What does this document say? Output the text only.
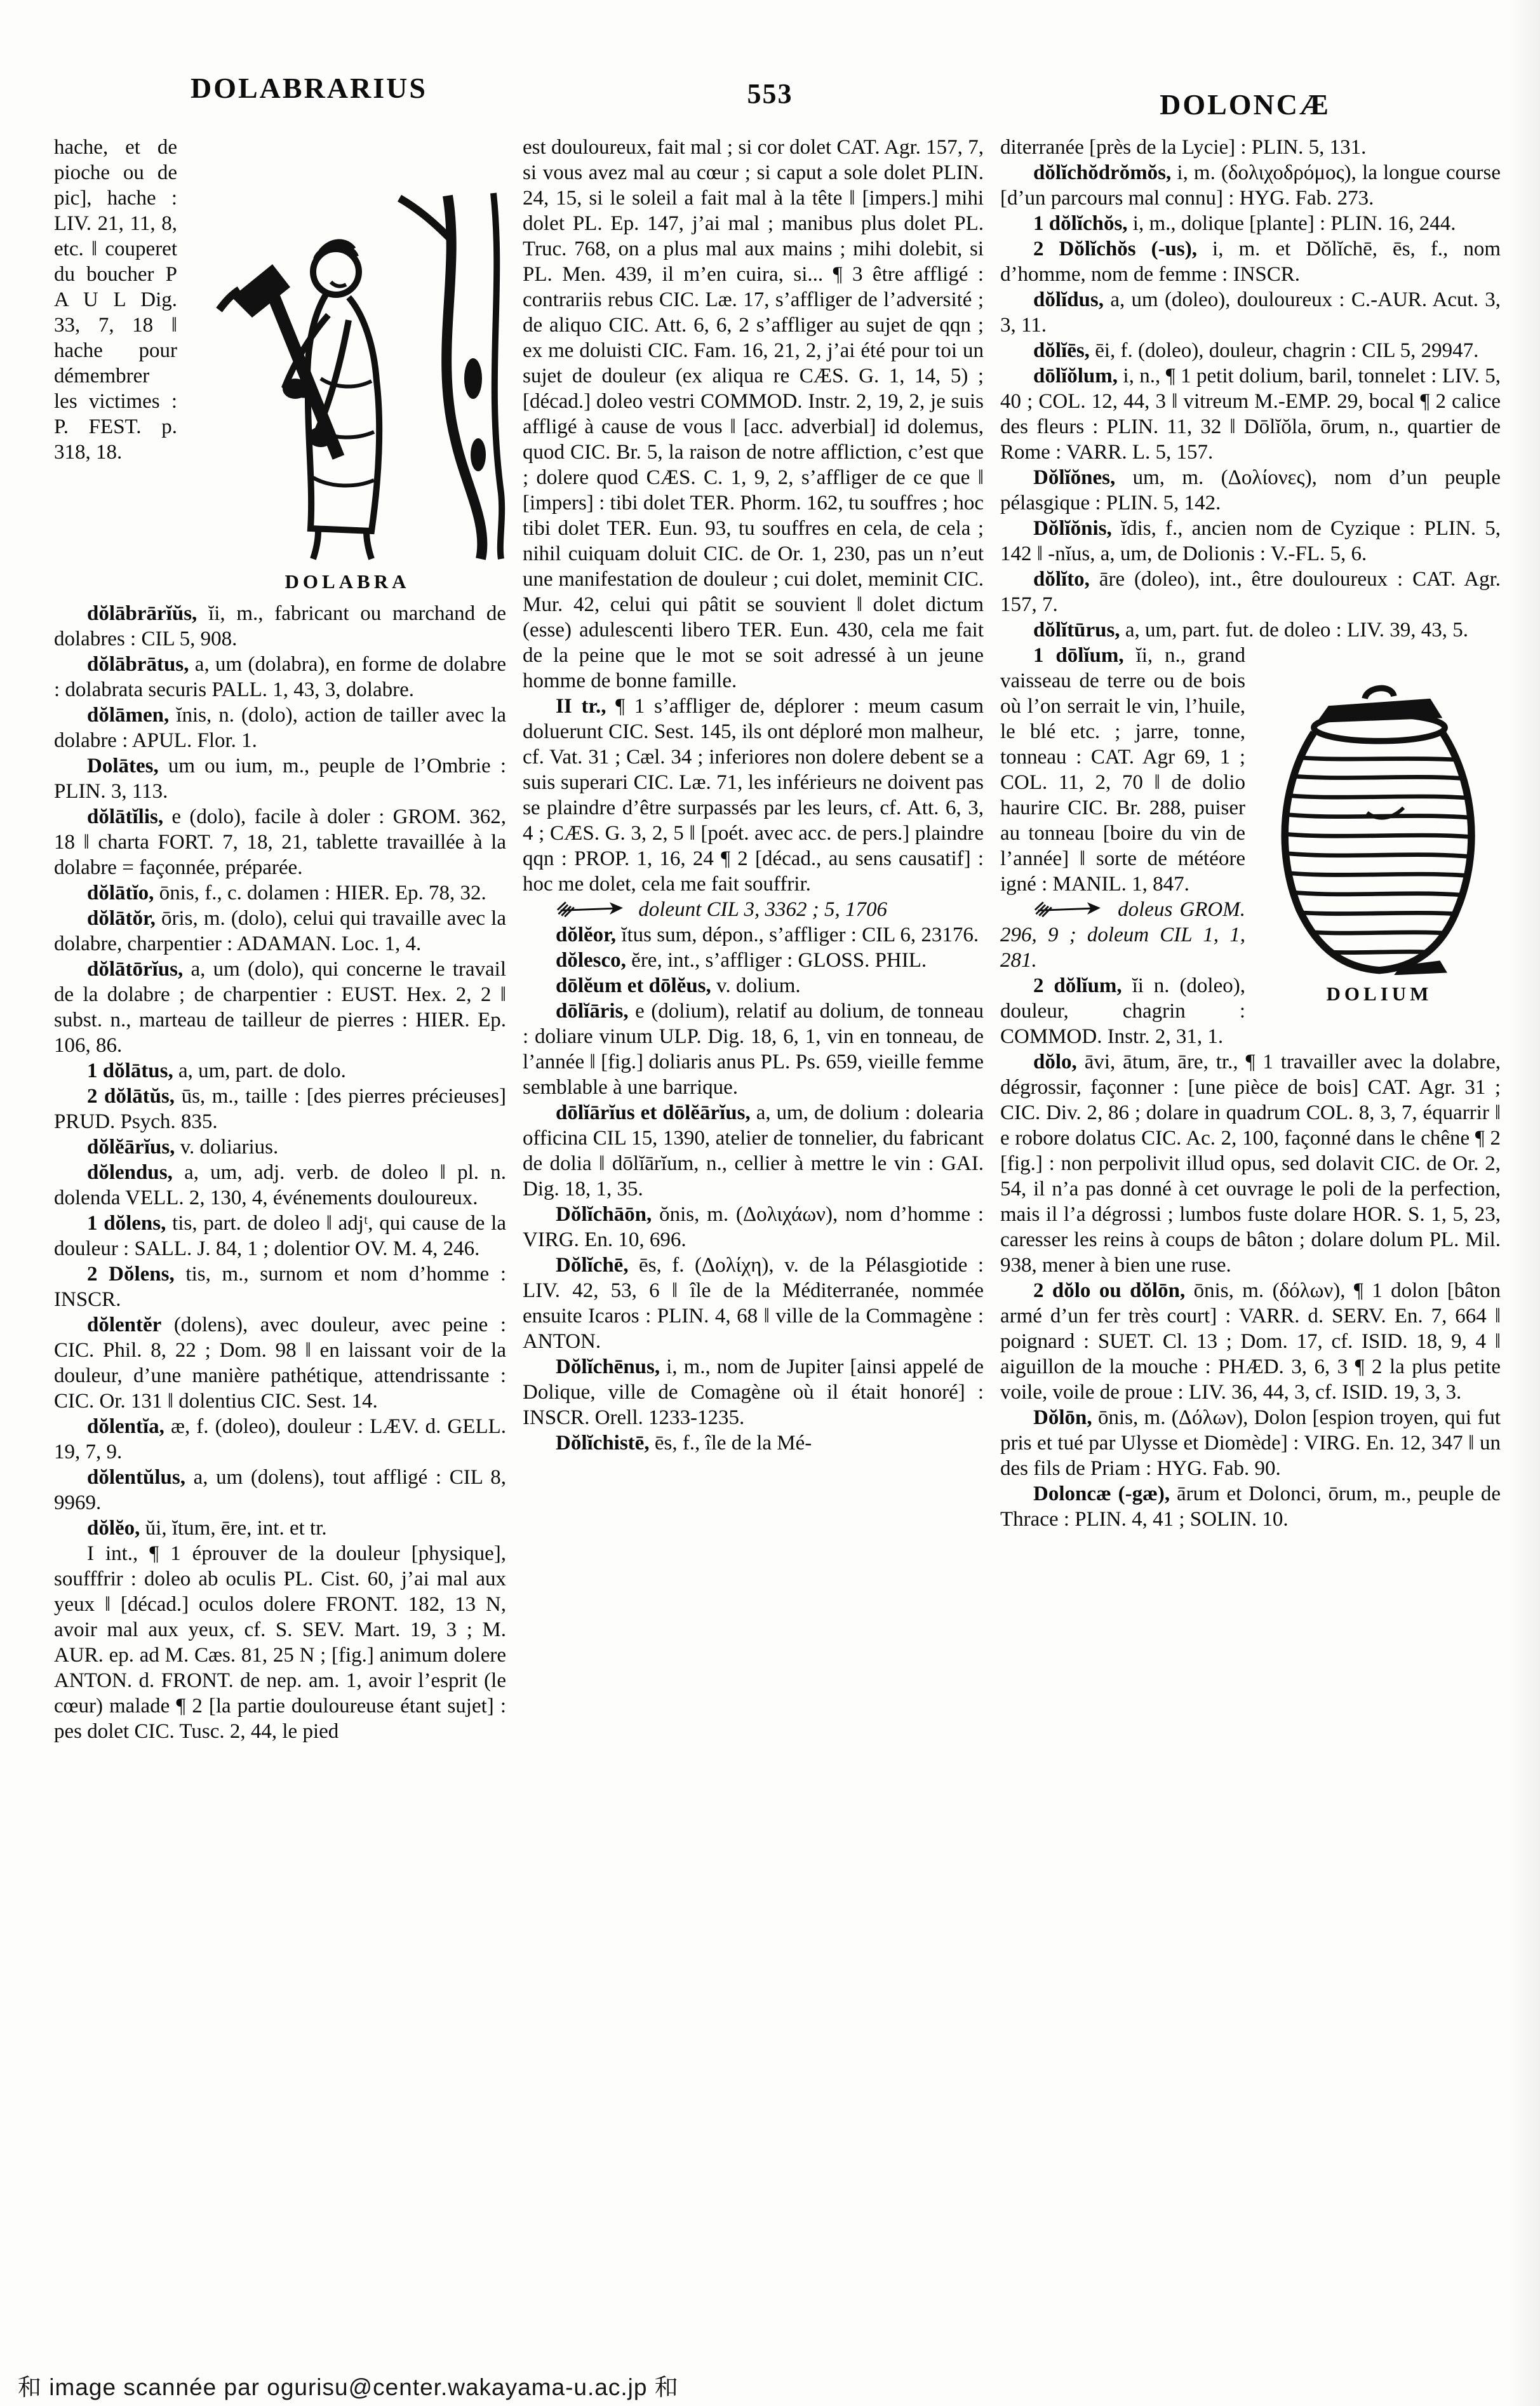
DOLABRARIUS	553	DOLONCÆ

DOLABRA
hache, et de pioche ou de pic], hache : LIV. 21, 11, 8, etc. ‖ couperet du boucher P A U L Dig. 33, 7, 18 ‖ hache pour démembrer les victimes : P. FEST. p. 318, 18.

dŏlābrārĭŭs, ĭi, m., fabricant ou marchand de dolabres : CIL 5, 908.

dŏlābrātus, a, um (dolabra), en forme de dolabre : dolabrata securis PALL. 1, 43, 3, dolabre.

dŏlāmen, ĭnis, n. (dolo), action de tailler avec la dolabre : APUL. Flor. 1.

Dolātes, um ou ium, m., peuple de l’Ombrie : PLIN. 3, 113.

dŏlātĭlis, e (dolo), facile à doler : GROM. 362, 18 ‖ charta FORT. 7, 18, 21, tablette travaillée à la dolabre = façonnée, préparée.

dŏlātĭo, ōnis, f., c. dolamen : HIER. Ep. 78, 32.

dŏlātŏr, ōris, m. (dolo), celui qui travaille avec la dolabre, charpentier : ADAMAN. Loc. 1, 4.

dŏlātōrĭus, a, um (dolo), qui concerne le travail de la dolabre ; de charpentier : EUST. Hex. 2, 2 ‖ subst. n., marteau de tailleur de pierres : HIER. Ep. 106, 86.

1 dŏlātus, a, um, part. de dolo.

2 dŏlātŭs, ūs, m., taille : [des pierres précieuses] PRUD. Psych. 835.

dŏlĕārĭus, v. doliarius.

dŏlendus, a, um, adj. verb. de doleo ‖ pl. n. dolenda VELL. 2, 130, 4, événements douloureux.

1 dŏlens, tis, part. de doleo ‖ adjᵗ, qui cause de la douleur : SALL. J. 84, 1 ; dolentior OV. M. 4, 246.

2 Dŏlens, tis, m., surnom et nom d’homme : INSCR.

dŏlentĕr (dolens), avec douleur, avec peine : CIC. Phil. 8, 22 ; Dom. 98 ‖ en laissant voir de la douleur, d’une manière pathétique, attendrissante : CIC. Or. 131 ‖ dolentius CIC. Sest. 14.

dŏlentĭa, æ, f. (doleo), douleur : LÆV. d. GELL. 19, 7, 9.

dŏlentŭlus, a, um (dolens), tout affligé : CIL 8, 9969.

dŏlĕo, ŭi, ĭtum, ēre, int. et tr.

I int., ¶ 1 éprouver de la douleur [physique], soufffrir : doleo ab oculis PL. Cist. 60, j’ai mal aux yeux ‖ [décad.] oculos dolere FRONT. 182, 13 N, avoir mal aux yeux, cf. S. SEV. Mart. 19, 3 ; M. AUR. ep. ad M. Cæs. 81, 25 N ; [fig.] animum dolere ANTON. d. FRONT. de nep. am. 1, avoir l’esprit (le cœur) malade ¶ 2 [la partie douloureuse étant sujet] : pes dolet CIC. Tusc. 2, 44, le pied

est douloureux, fait mal ; si cor dolet CAT. Agr. 157, 7, si vous avez mal au cœur ; si caput a sole dolet PLIN. 24, 15, si le soleil a fait mal à la tête ‖ [impers.] mihi dolet PL. Ep. 147, j’ai mal ; manibus plus dolet PL. Truc. 768, on a plus mal aux mains ; mihi dolebit, si PL. Men. 439, il m’en cuira, si... ¶ 3 être affligé : contrariis rebus CIC. Læ. 17, s’affliger de l’adversité ; de aliquo CIC. Att. 6, 6, 2 s’affliger au sujet de qqn ; ex me doluisti CIC. Fam. 16, 21, 2, j’ai été pour toi un sujet de douleur (ex aliqua re CÆS. G. 1, 14, 5) ; [décad.] doleo vestri COMMOD. Instr. 2, 19, 2, je suis affligé à cause de vous ‖ [acc. adverbial] id dolemus, quod CIC. Br. 5, la raison de notre affliction, c’est que ; dolere quod CÆS. C. 1, 9, 2, s’affliger de ce que ‖ [impers] : tibi dolet TER. Phorm. 162, tu souffres ; hoc tibi dolet TER. Eun. 93, tu souffres en cela, de cela ; nihil cuiquam doluit CIC. de Or. 1, 230, pas un n’eut une manifestation de douleur ; cui dolet, meminit CIC. Mur. 42, celui qui pâtit se souvient ‖ dolet dictum (esse) adulescenti libero TER. Eun. 430, cela me fait de la peine que le mot se soit adressé à un jeune homme de bonne famille.

II tr., ¶ 1 s’affliger de, déplorer : meum casum doluerunt CIC. Sest. 145, ils ont déploré mon malheur, cf. Vat. 31 ; Cæl. 34 ; inferiores non dolere debent se a suis superari CIC. Læ. 71, les inférieurs ne doivent pas se plaindre d’être surpassés par les leurs, cf. Att. 6, 3, 4 ; CÆS. G. 3, 2, 5 ‖ [poét. avec acc. de pers.] plaindre qqn : PROP. 1, 16, 24 ¶ 2 [décad., au sens causatif] : hoc me dolet, cela me fait souffrir.

doleunt CIL 3, 3362 ; 5, 1706

dŏlĕor, ĭtus sum, dépon., s’affliger : CIL 6, 23176.

dŏlesco, ĕre, int., s’affliger : GLOSS. PHIL.

dōlĕum et dōlĕus, v. dolium.

dōlĭāris, e (dolium), relatif au dolium, de tonneau : doliare vinum ULP. Dig. 18, 6, 1, vin en tonneau, de l’année ‖ [fig.] doliaris anus PL. Ps. 659, vieille femme semblable à une barrique.

dōlĭārĭus et dōlĕārĭus, a, um, de dolium : dolearia officina CIL 15, 1390, atelier de tonnelier, du fabricant de dolia ‖ dōlĭārĭum, n., cellier à mettre le vin : GAI. Dig. 18, 1, 35.

Dŏlĭchāōn, ŏnis, m. (Δολιχάων), nom d’homme : VIRG. En. 10, 696.

Dŏlĭchē, ēs, f. (Δολίχη), v. de la Pélasgiotide : LIV. 42, 53, 6 ‖ île de la Méditerranée, nommée ensuite Icaros : PLIN. 4, 68 ‖ ville de la Commagène : ANTON.

Dŏlĭchēnus, i, m., nom de Jupiter [ainsi appelé de Dolique, ville de Comagène où il était honoré] : INSCR. Orell. 1233-1235.

Dŏlĭchistē, ēs, f., île de la Mé-

diterranée [près de la Lycie] : PLIN. 5, 131.

dŏlĭchŏdrŏmŏs, i, m. (δολιχοδρόμος), la longue course [d’un parcours mal connu] : HYG. Fab. 273.

1 dŏlĭchŏs, i, m., dolique [plante] : PLIN. 16, 244.

2 Dŏlĭchŏs (-us), i, m. et Dŏlĭchē, ēs, f., nom d’homme, nom de femme : INSCR.

dŏlĭdus, a, um (doleo), douloureux : C.-AUR. Acut. 3, 3, 11.

dŏlĭēs, ēi, f. (doleo), douleur, chagrin : CIL 5, 29947.

dōlĭŏlum, i, n., ¶ 1 petit dolium, baril, tonnelet : LIV. 5, 40 ; COL. 12, 44, 3 ‖ vitreum M.-EMP. 29, bocal ¶ 2 calice des fleurs : PLIN. 11, 32 ‖ Dōlĭŏla, ōrum, n., quartier de Rome : VARR. L. 5, 157.

Dŏlĭŏnes, um, m. (Δολίονες), nom d’un peuple pélasgique : PLIN. 5, 142.

Dŏlĭŏnis, ĭdis, f., ancien nom de Cyzique : PLIN. 5, 142 ‖ -nĭus, a, um, de Dolionis : V.-FL. 5, 6.

dŏlĭto, āre (doleo), int., être douloureux : CAT. Agr. 157, 7.

dŏlĭtūrus, a, um, part. fut. de doleo : LIV. 39, 43, 5.

DOLIUM
1 dōlĭum, ĭi, n., grand vaisseau de terre ou de bois où l’on serrait le vin, l’huile, le blé etc. ; jarre, tonne, tonneau : CAT. Agr 69, 1 ; COL. 11, 2, 70 ‖ de dolio haurire CIC. Br. 288, puiser au tonneau [boire du vin de l’année] ‖ sorte de météore igné : MANIL. 1, 847.

doleus GROM. 296, 9 ; doleum CIL 1, 1, 281.

2 dŏlĭum, ĭi n. (doleo), douleur, chagrin : COMMOD. Instr. 2, 31, 1.

dŏlo, āvi, ātum, āre, tr., ¶ 1 travailler avec la dolabre, dégrossir, façonner : [une pièce de bois] CAT. Agr. 31 ; CIC. Div. 2, 86 ; dolare in quadrum COL. 8, 3, 7, équarrir ‖ e robore dolatus CIC. Ac. 2, 100, façonné dans le chêne ¶ 2 [fig.] : non perpolivit illud opus, sed dolavit CIC. de Or. 2, 54, il n’a pas donné à cet ouvrage le poli de la perfection, mais il l’a dégrossi ; lumbos fuste dolare HOR. S. 1, 5, 23, caresser les reins à coups de bâton ; dolare dolum PL. Mil. 938, mener à bien une ruse.

2 dŏlo ou dŏlōn, ōnis, m. (δόλων), ¶ 1 dolon [bâton armé d’un fer très court] : VARR. d. SERV. En. 7, 664 ‖ poignard : SUET. Cl. 13 ; Dom. 17, cf. ISID. 18, 9, 4 ‖ aiguillon de la mouche : PHÆD. 3, 6, 3 ¶ 2 la plus petite voile, voile de proue : LIV. 36, 44, 3, cf. ISID. 19, 3, 3.

Dŏlōn, ōnis, m. (Δόλων), Dolon [espion troyen, qui fut pris et tué par Ulysse et Diomède] : VIRG. En. 12, 347 ‖ un des fils de Priam : HYG. Fab. 90.

Doloncæ (-gæ), ārum et Dolonci, ōrum, m., peuple de Thrace : PLIN. 4, 41 ; SOLIN. 10.

和 image scannée par ogurisu@center.wakayama-u.ac.jp 和
